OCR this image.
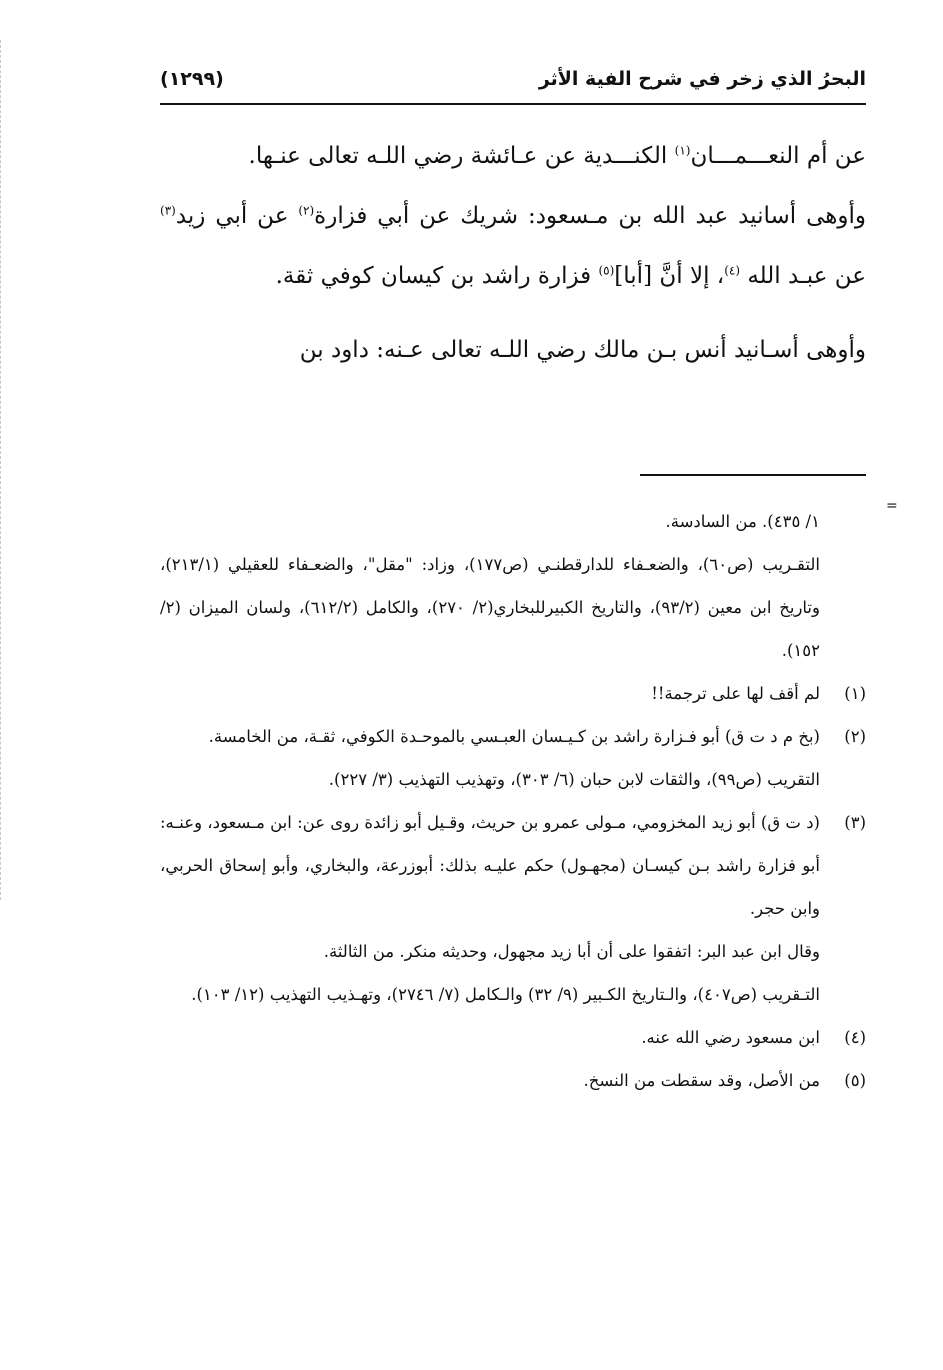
البحرُ الذي زخر في شرح الفية الأثر
(١٢٩٩)

عن أم النعـــمـــان$^{(١)}$ الكنـــدية عن عـائشة رضي اللـه تعالى عنـها.

وأوهى أسانيد عبد الله بن مـسعود: شريك عن أبي فزارة$^{(٢)}$ عن أبي زيد$^{(٣)}$ عن عبـد الله $^{(٤)}$، إلا أنَّ [أبا]$^{(٥)}$ فزارة راشد بن كيسان كوفي ثقة.

وأوهى أسـانيد أنس بـن مالك رضي اللـه تعالى عـنه: داود بن

=

١/ ٤٣٥). من السادسة.

التقـريب (ص٦٠)، والضعـفاء للدارقطنـي (ص١٧٧)، وزاد: "مقل"، والضعـفاء للعقيلي (٢١٣/١)، وتاريخ ابن معين (٩٣/٢)، والتاريخ الكبيرللبخاري(٢/ ٢٧٠)، والكامل (٦١٢/٢)، ولسان الميزان (٢/ ١٥٢).

(١)

لم أقف لها على ترجمة!!

(٢)

(بخ م د ت ق) أبو فـزارة راشد بن كـيـسان العبـسي بالموحـدة الكوفي، ثقـة، من الخامسة.

التقريب (ص٩٩)، والثقات لابن حبان (٦/ ٣٠٣)، وتهذيب التهذيب (٣/ ٢٢٧).

(٣)

(د ت ق) أبو زيد المخزومي، مـولى عمرو بن حريث، وقـيل أبو زائدة روى عن: ابن مـسعود، وعنـه: أبو فزارة راشد بـن كيسـان (مجهـول) حكم عليـه بذلك: أبوزرعة، والبخاري، وأبو إسحاق الحربي، وابن حجر.

وقال ابن عبد البر: اتفقوا على أن أبا زيد مجهول، وحديثه منكر. من الثالثة.

التـقريب (ص٤٠٧)، والـتاريخ الكـبير (٩/ ٣٢) والـكامل (٧/ ٢٧٤٦)، وتهـذيب التهذيب (١٢/ ١٠٣).

(٤)

ابن مسعود رضي الله عنه.

(٥)

من الأصل، وقد سقطت من النسخ.
